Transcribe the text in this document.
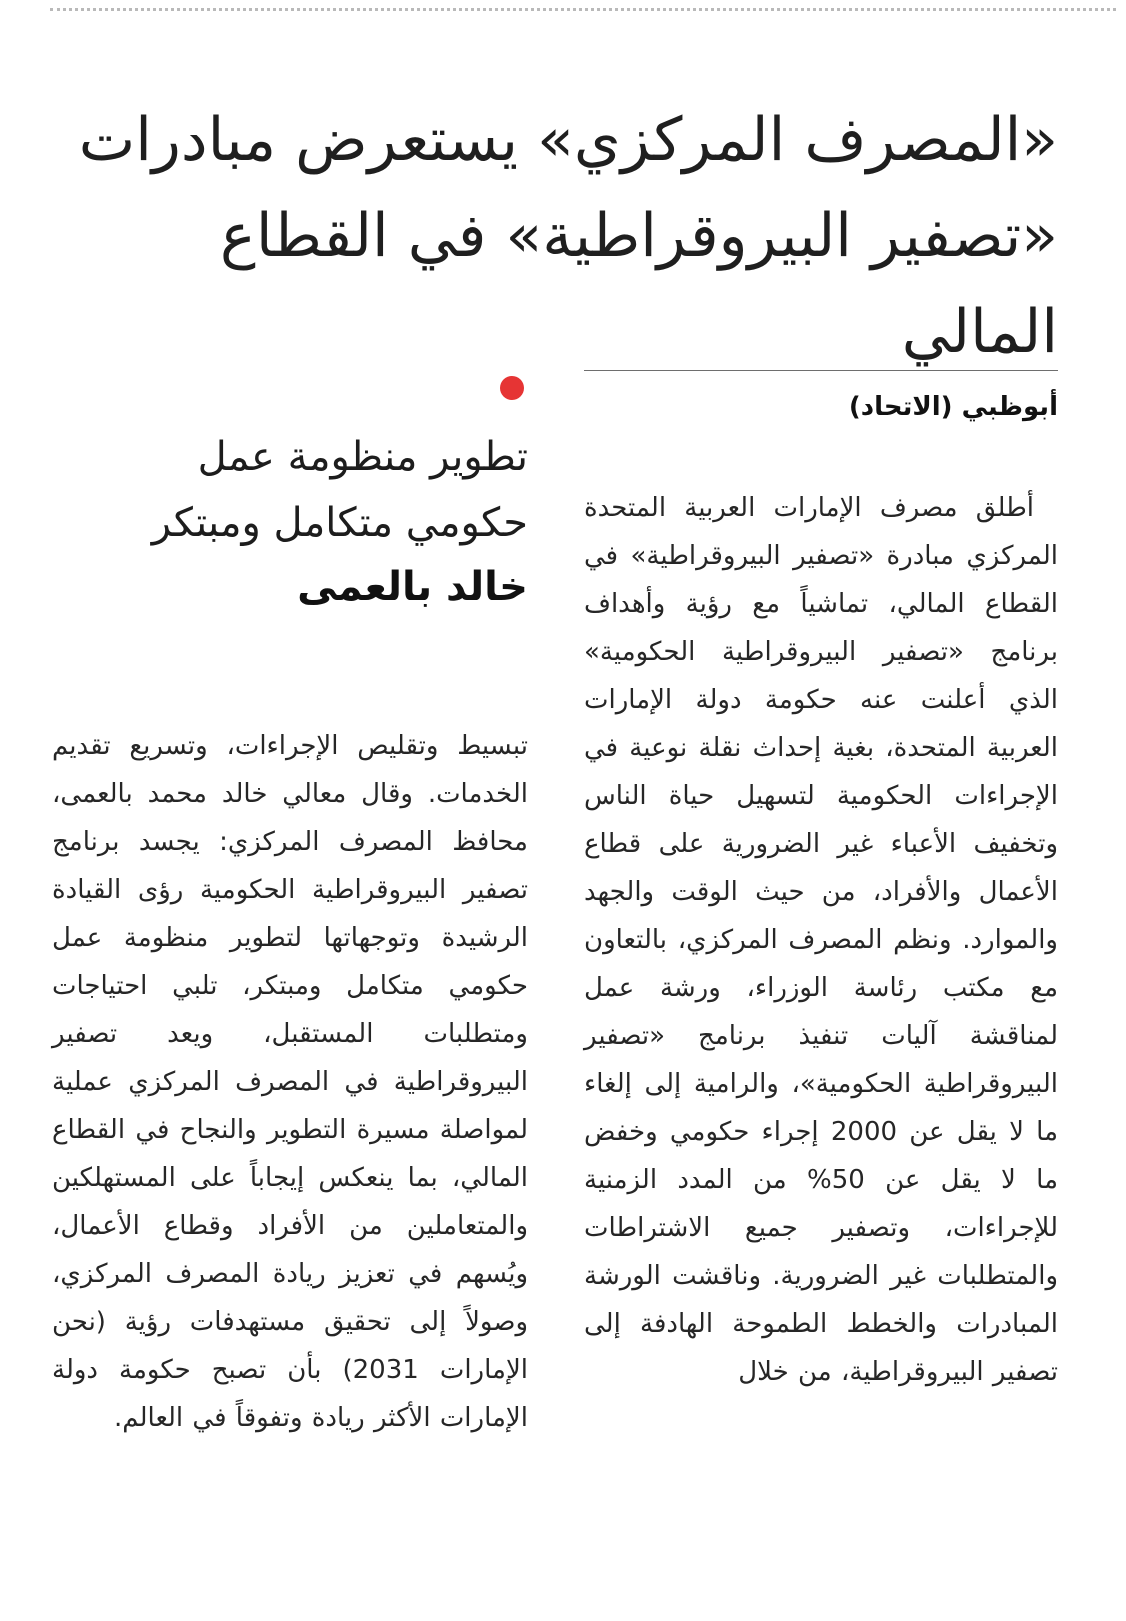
«المصرف المركزي» يستعرض مبادرات
«تصفير البيروقراطية» في القطاع المالي

أبوظبي (الاتحاد)

أطلق مصرف الإمارات العربية المتحدة المركزي مبادرة «تصفير البيروقراطية» في القطاع المالي، تماشياً مع رؤية وأهداف برنامج «تصفير البيروقراطية الحكومية» الذي أعلنت عنه حكومة دولة الإمارات العربية المتحدة، بغية إحداث نقلة نوعية في الإجراءات الحكومية لتسهيل حياة الناس وتخفيف الأعباء غير الضرورية على قطاع الأعمال والأفراد، من حيث الوقت والجهد والموارد. ونظم المصرف المركزي، بالتعاون مع مكتب رئاسة الوزراء، ورشة عمل لمناقشة آليات تنفيذ برنامج «تصفير البيروقراطية الحكومية»، والرامية إلى إلغاء ما لا يقل عن 2000 إجراء حكومي وخفض ما لا يقل عن 50% من المدد الزمنية للإجراءات، وتصفير جميع الاشتراطات والمتطلبات غير الضرورية. وناقشت الورشة المبادرات والخطط الطموحة الهادفة إلى تصفير البيروقراطية، من خلال

تطوير منظومة عمل
حكومي متكامل ومبتكر
خالد بالعمى

تبسيط وتقليص الإجراءات، وتسريع تقديم الخدمات. وقال معالي خالد محمد بالعمى، محافظ المصرف المركزي: يجسد برنامج تصفير البيروقراطية الحكومية رؤى القيادة الرشيدة وتوجهاتها لتطوير منظومة عمل حكومي متكامل ومبتكر، تلبي احتياجات ومتطلبات المستقبل، ويعد تصفير البيروقراطية في المصرف المركزي عملية لمواصلة مسيرة التطوير والنجاح في القطاع المالي، بما ينعكس إيجاباً على المستهلكين والمتعاملين من الأفراد وقطاع الأعمال، ويُسهم في تعزيز ريادة المصرف المركزي، وصولاً إلى تحقيق مستهدفات رؤية (نحن الإمارات 2031) بأن تصبح حكومة دولة الإمارات الأكثر ريادة وتفوقاً في العالم.
